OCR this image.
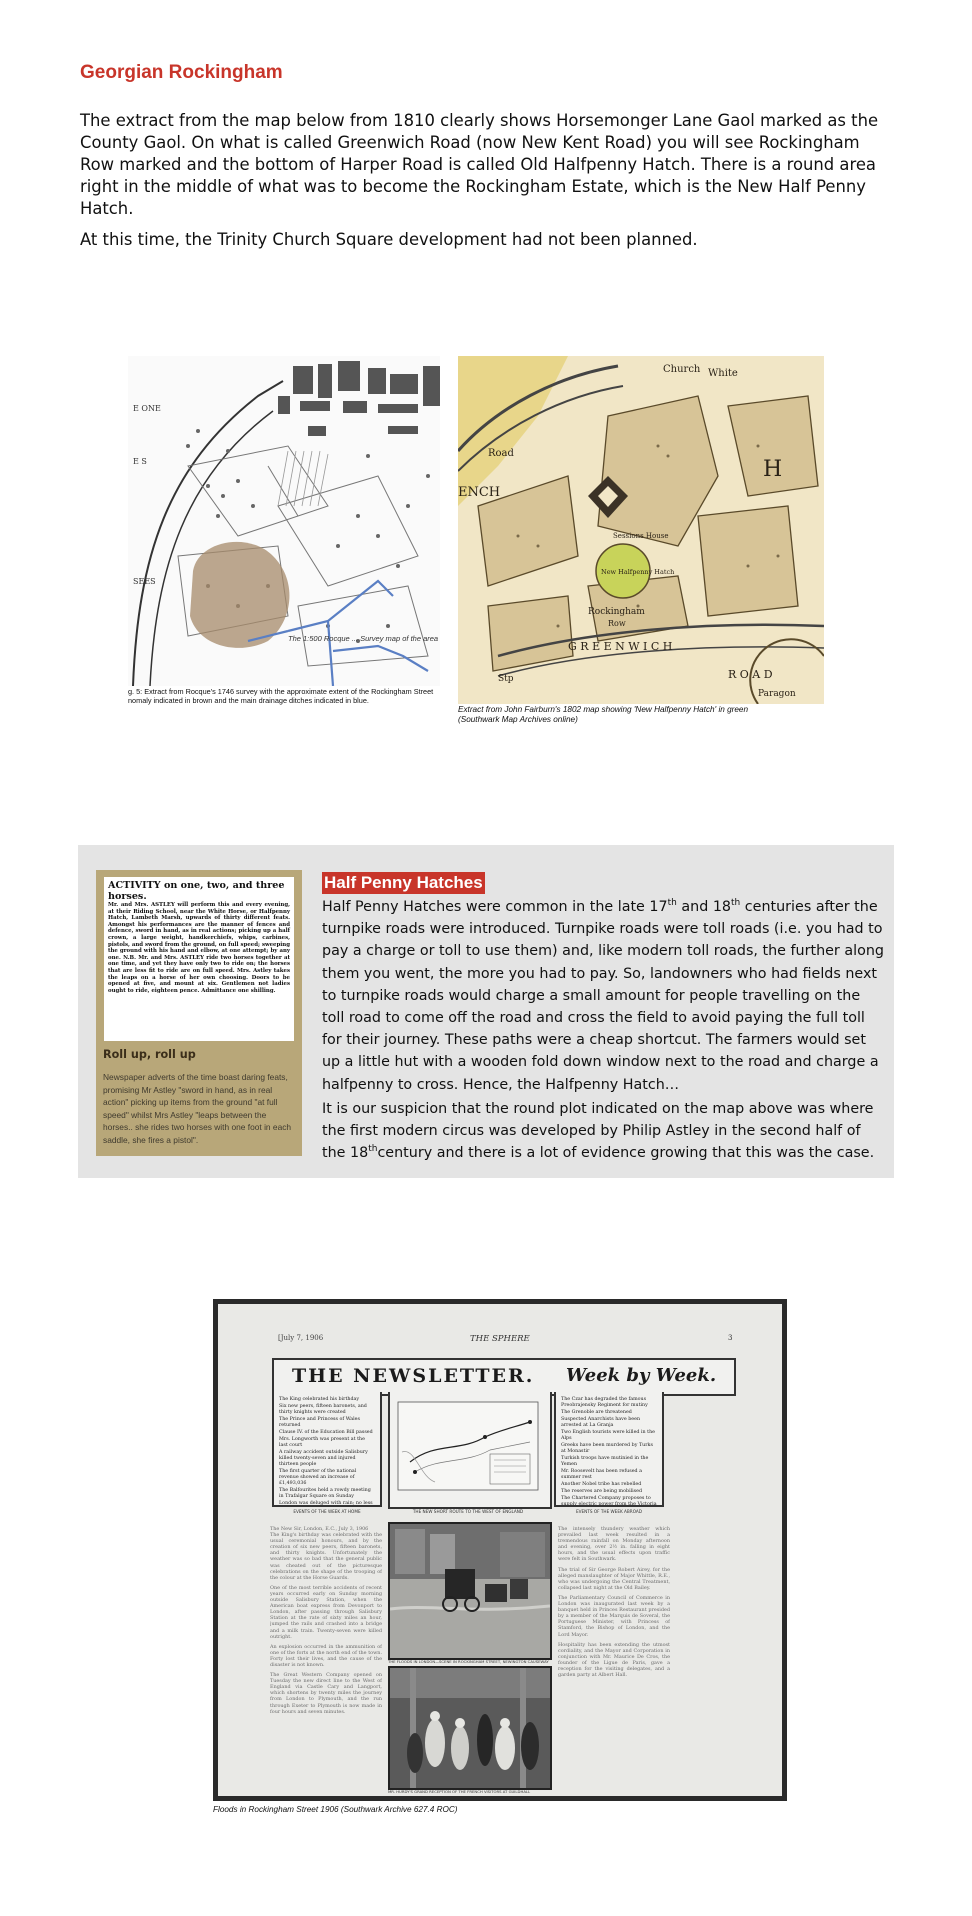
Georgian Rockingham

The extract from the map below from 1810 clearly shows Horsemonger Lane Gaol marked as the County Gaol. On what is called Greenwich Road (now New Kent Road) you will see Rockingham Row marked and the bottom of Harper Road is called Old Halfpenny Hatch. There is a round area right in the middle of what was to become the Rockingham Estate, which is the New Half Penny Hatch.

At this time, the Trinity Church Square development had not been planned.

The 1:500 Rocque ... Survey map of the area
E ONE
E S
SEES

g. 5: Extract from Rocque's 1746 survey with the approximate extent of the Rockingham Street
nomaly indicated in brown and the main drainage ditches indicated in blue.

Church White
Road
ENCH
H
Sessions House
New Halfpenny Hatch
Rockingham
Row
G R E E N W I C H
R O A D
Paragon
Stp
Extract from John Fairburn's 1802 map showing 'New Halfpenny Hatch' in green
(Southwark Map Archives online)
ACTIVITY on one, two, and three horses.
Mr. and Mrs. ASTLEY will perform this and every evening, at their Riding School, near the White Horse, or Halfpenny Hatch, Lambeth Marsh, upwards of thirty different feats. Amongst his performances are the manner of fences and defence, sword in hand, as in real actions; picking up a half crown, a large weight, handkerchiefs, whips, carbines, pistols, and sword from the ground, on full speed; sweeping the ground with his hand and elbow, at one attempt; by any one. N.B. Mr. and Mrs. ASTLEY ride two horses together at one time, and yet they have only two to ride on; the horses that are less fit to ride are on full speed. Mrs. Astley takes the leaps on a horse of her own choosing. Doors to be opened at five, and mount at six. Gentlemen not ladies ought to ride, eighteen pence. Admittance one shilling.
Roll up, roll up

Newspaper adverts of the time boast daring feats, promising Mr Astley "sword in hand, as in real action" picking up items from the ground "at full speed" whilst Mrs Astley "leaps between the horses.. she rides two horses with one foot in each saddle, she fires a pistol".

Half Penny Hatches

Half Penny Hatches were common in the late 17th and 18th centuries after the turnpike roads were introduced. Turnpike roads were toll roads (i.e. you had to pay a charge or toll to use them) and, like modern toll roads, the further along them you went, the more you had to pay. So, landowners who had fields next to turnpike roads would charge a small amount for people travelling on the toll road to come off the road and cross the field to avoid paying the full toll for their journey. These paths were a cheap shortcut. The farmers would set up a little hut with a wooden fold down window next to the road and charge a halfpenny to cross. Hence, the Halfpenny Hatch…

It is our suspicion that the round plot indicated on the map above was where the first modern circus was developed by Philip Astley in the second half of the 18thcentury and there is a lot of evidence growing that this was the case.

[July 7, 1906	THE SPHERE	3
THE NEWSLETTER. Week by Week.
The King celebrated his birthday
Six new peers, fifteen baronets, and thirty knights were created
The Prince and Princess of Wales returned
Clause IV. of the Education Bill passed
Mrs. Longworth was present at the last court
A railway accident outside Salisbury killed twenty-seven and injured thirteen people
The first quarter of the national revenue showed an increase of £1,493,036
The Balfourites held a rowdy meeting in Trafalgar Square on Sunday
London was deluged with rain; no less
EVENTS OF THE WEEK AT HOME	THE NEW SHORT ROUTE TO THE WEST OF ENGLAND
The Czar has degraded the famous Preobrajensky Regiment for mutiny
The Grenoble are threatened
Suspected Anarchists have been arrested at La Granja
Two English tourists were killed in the Alps
Greeks have been murdered by Turks at Monastir
Turkish troops have mutinied in the Yemen
Mr. Roosevelt has been refused a summer rest
Another Nobel tribe has rebelled
The reserves are being mobilised
The Chartered Company proposes to supply electric power from the Victoria
EVENTS OF THE WEEK ABROAD
The New Sir, London, E.C., July 3, 1906
The King's birthday was celebrated with the usual ceremonial honours, and by the creation of six new peers, fifteen baronets, and thirty knights. Unfortunately the weather was so bad that the general public was cheated out of the picturesque celebrations on the shape of the trooping of the colour at the Horse Guards.
One of the most terrible accidents of recent years occurred early on Sunday morning outside Salisbury Station, when the American boat express from Devonport to London, after passing through Salisbury Station at the rate of sixty miles an hour, jumped the rails and crashed into a bridge and a milk train. Twenty-seven were killed outright.
An explosion occurred in the ammunition of one of the forts at the north end of the town. Forty lost their lives, and the cause of the disaster is not known.
The Great Western Company opened on Tuesday the new direct line to the West of England via Castle Cary and Langport, which shortens by twenty miles the journey from London to Plymouth, and the run through Exeter to Plymouth is now made in four hours and seven minutes.
THE FLOODS IN LONDON—SCENE IN ROCKINGHAM STREET, NEWINGTON CAUSEWAY
MR. HURDY'S GRAND RECEPTION OF THE FRENCH VISITORS AT GUILDHALL
The intensely thundery weather which prevailed last week resulted in a tremendous rainfall on Monday afternoon and evening, over 2½ in. falling in eight hours, and the usual effects upon traffic were felt in Southwark.
The trial of Sir George Robert Airey, for the alleged manslaughter of Major Whittle, R.E., who was undergoing the Central Treatment, collapsed last night at the Old Bailey.
The Parliamentary Council of Commerce in London was inaugurated last week by a banquet held in Princes Restaurant presided by a member of the Marquis de Soveral, the Portuguese Minister, with Princess of Stamford, the Bishop of London, and the Lord Mayor.
Hospitality has been extending the utmost cordiality, and the Mayor and Corporation in conjunction with Mr. Maurice De Cros, the founder of the Ligue de Paris, gave a reception for the visiting delegates, and a garden party at Albert Hall.

Floods in Rockingham Street 1906 (Southwark Archive 627.4 ROC)
